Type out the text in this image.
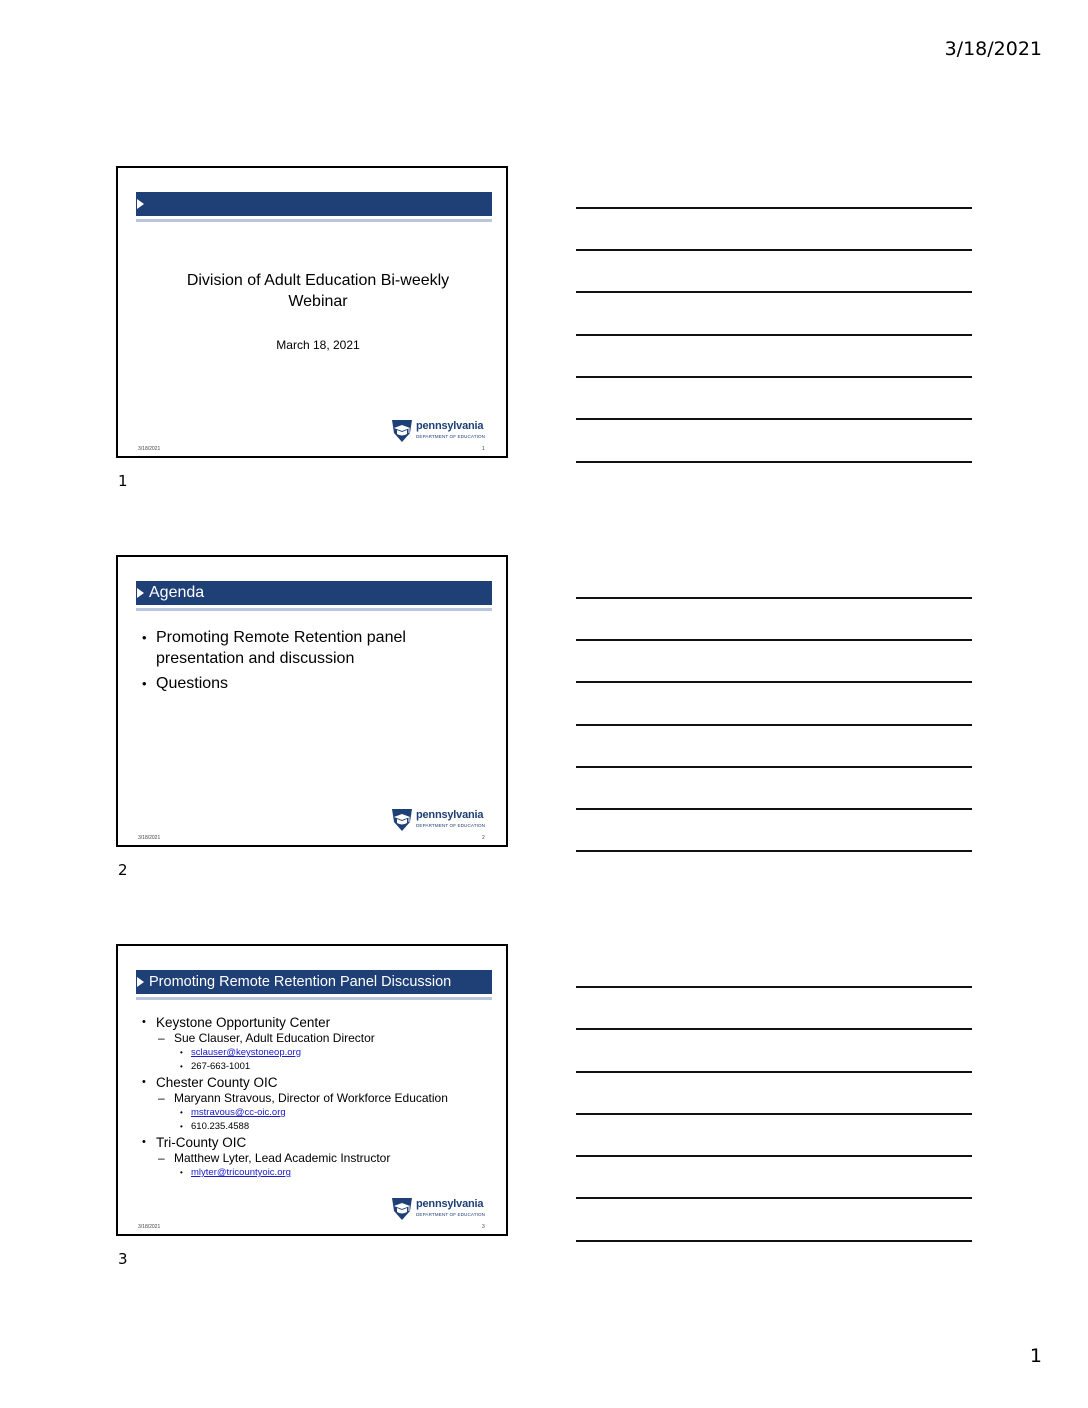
3/18/2021
Division of Adult Education Bi-weekly
Webinar
March 18, 2021
pennsylvania
DEPARTMENT OF EDUCATION
3/18/2021	1
1
Agenda
• Promoting Remote Retention panel
presentation and discussion
• Questions
pennsylvania
DEPARTMENT OF EDUCATION
3/18/2021	2
2
Promoting Remote Retention Panel Discussion
• Keystone Opportunity Center
– Sue Clauser, Adult Education Director
• sclauser@keystoneop.org
• 267-663-1001
• Chester County OIC
– Maryann Stravous, Director of Workforce Education
• mstravous@cc-oic.org
• 610.235.4588
• Tri-County OIC
– Matthew Lyter, Lead Academic Instructor
• mlyter@tricountyoic.org
pennsylvania
DEPARTMENT OF EDUCATION
3/18/2021	3
3
1
